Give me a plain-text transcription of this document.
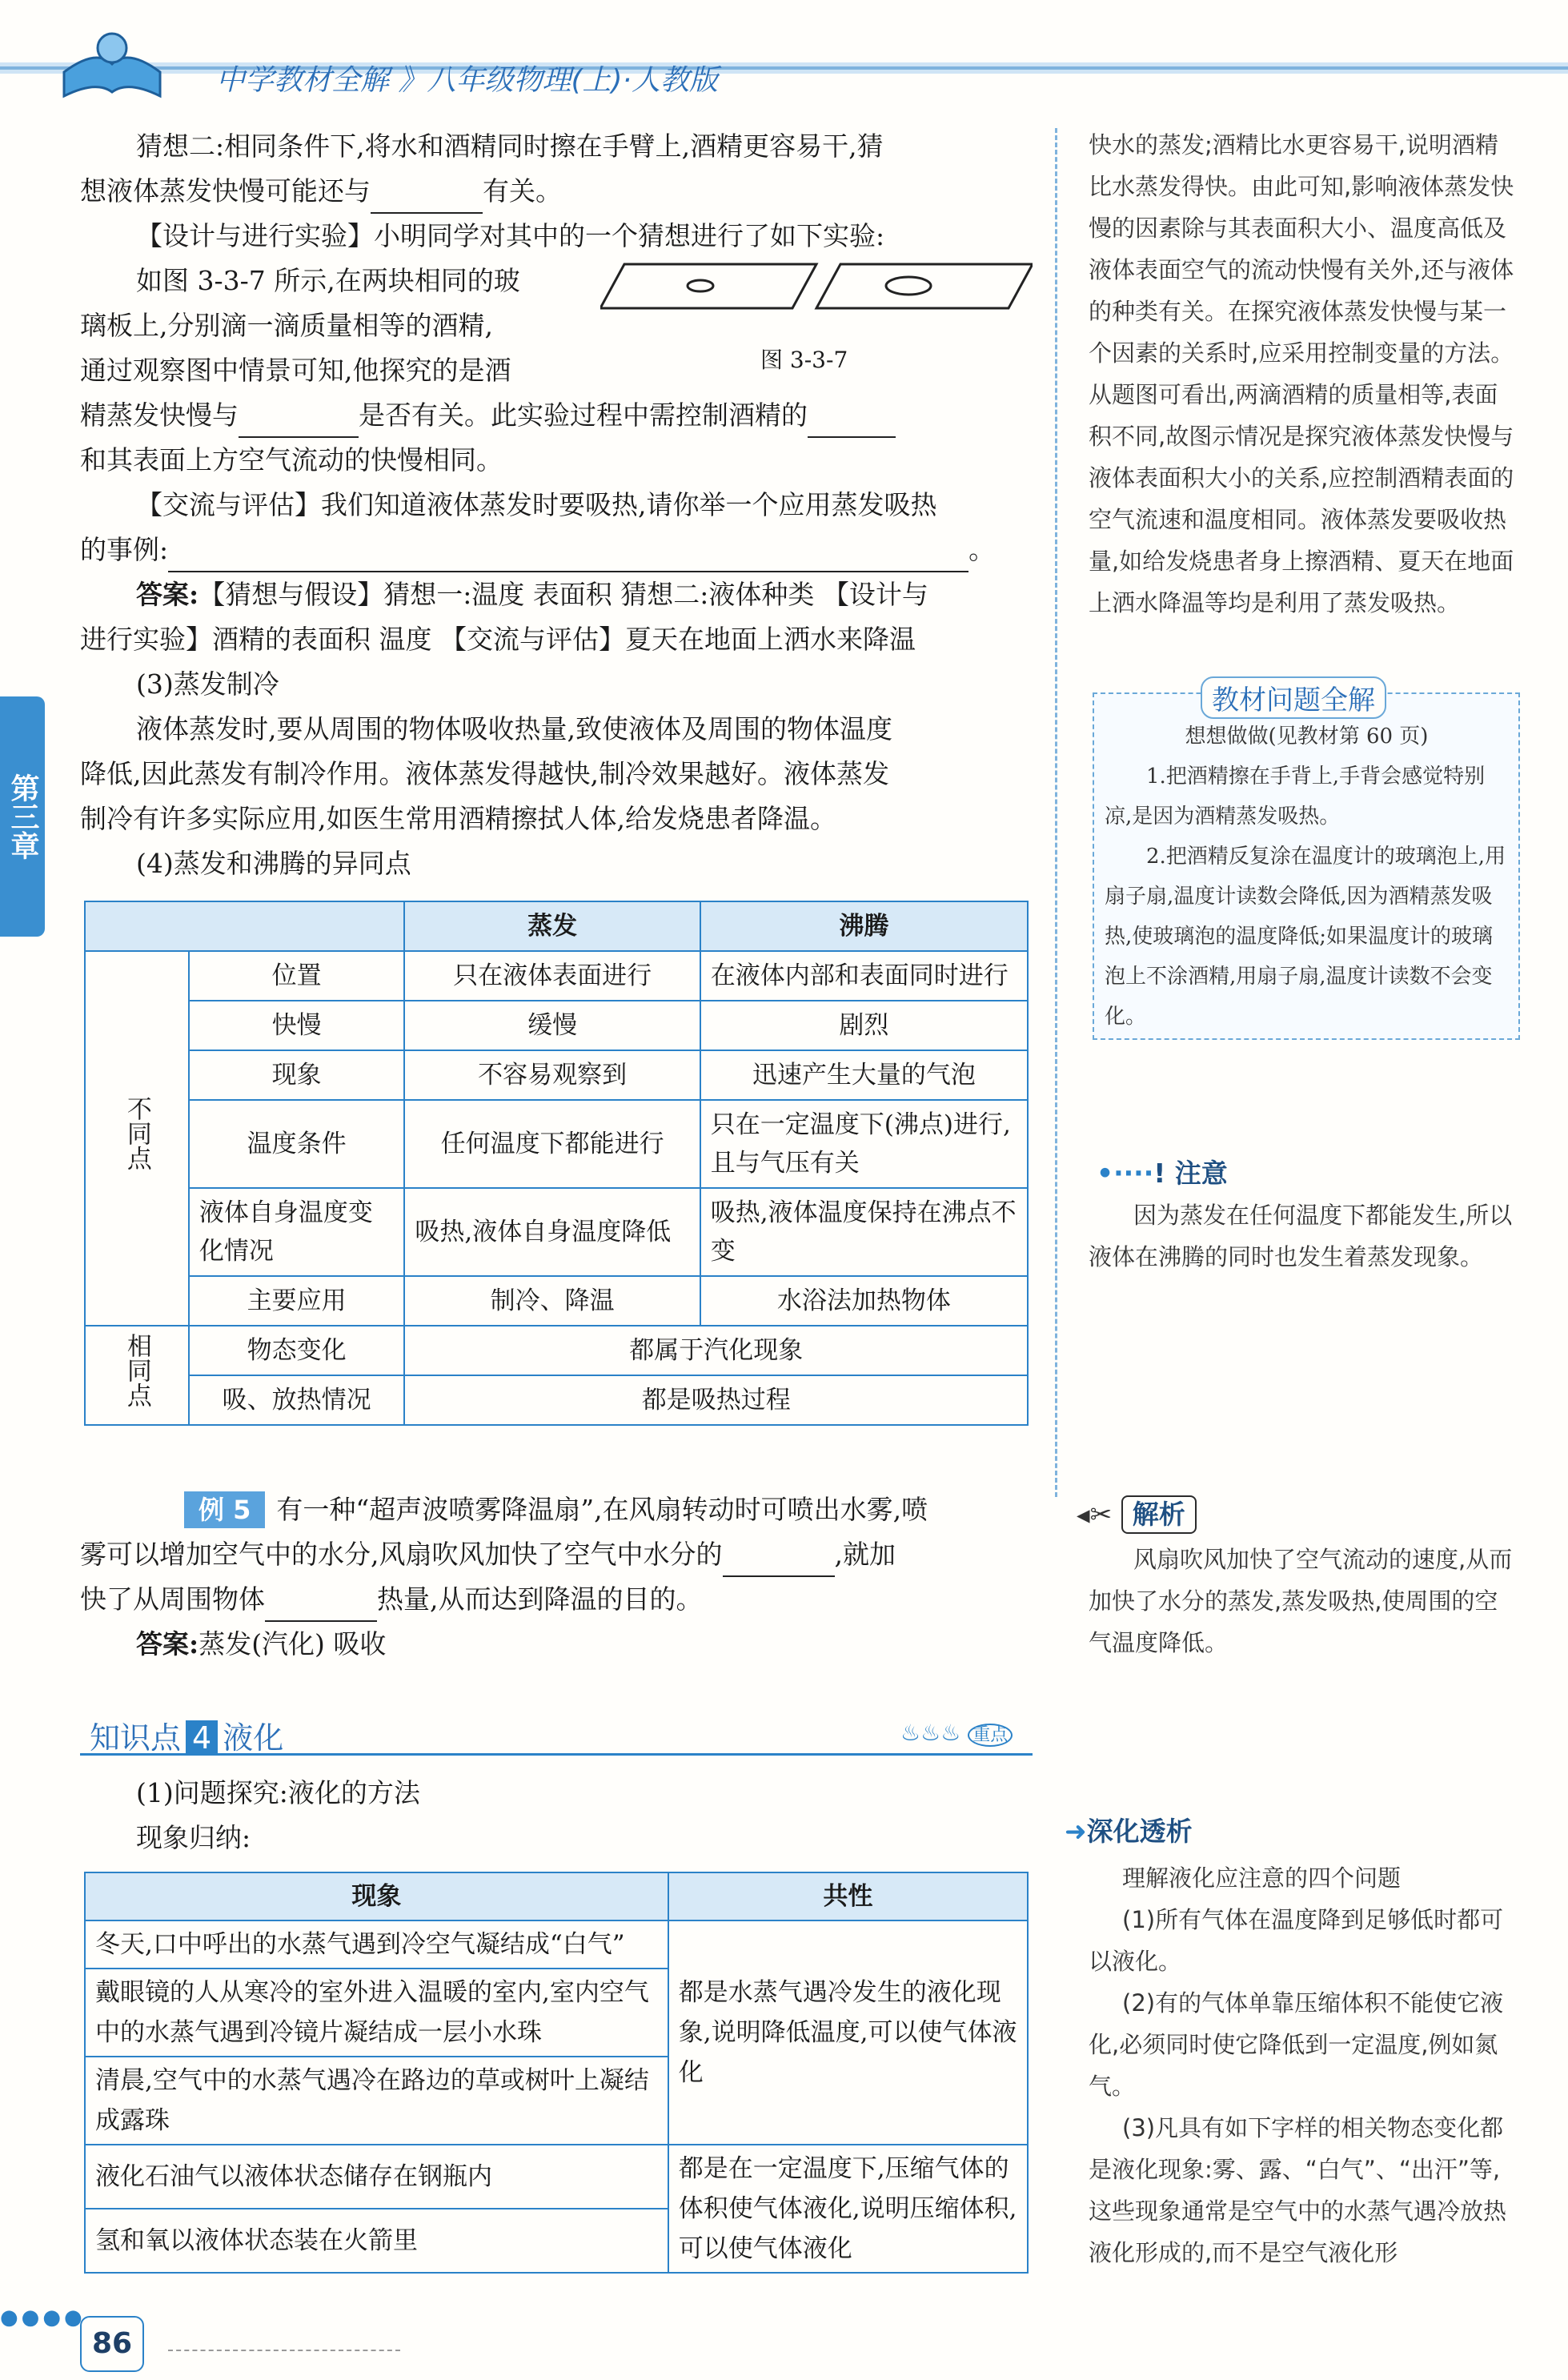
中学教材全解 》八年级物理(上)·人教版
第三章

猜想二:相同条件下,将水和酒精同时擦在手臂上,酒精更容易干,猜

想液体蒸发快慢可能还与	有关。

【设计与进行实验】小明同学对其中的一个猜想进行了如下实验:

如图 3-3-7 所示,在两块相同的玻

璃板上,分别滴一滴质量相等的酒精,

通过观察图中情景可知,他探究的是酒

精蒸发快慢与	是否有关。此实验过程中需控制酒精的

和其表面上方空气流动的快慢相同。

【交流与评估】我们知道液体蒸发时要吸热,请你举一个应用蒸发吸热

的事例:	。

答案:【猜想与假设】猜想一:温度 表面积 猜想二:液体种类 【设计与

进行实验】酒精的表面积 温度 【交流与评估】夏天在地面上洒水来降温

(3)蒸发制冷

液体蒸发时,要从周围的物体吸收热量,致使液体及周围的物体温度

降低,因此蒸发有制冷作用。液体蒸发得越快,制冷效果越好。液体蒸发

制冷有许多实际应用,如医生常用酒精擦拭人体,给发烧患者降温。

(4)蒸发和沸腾的异同点

图 3-3-7
		蒸发	沸腾
不同点	位置	只在液体表面进行	在液体内部和表面同时进行
	快慢	缓慢	剧烈
	现象	不容易观察到	迅速产生大量的气泡
	温度条件	任何温度下都能进行	只在一定温度下(沸点)进行,且与气压有关
	液体自身温度变化情况	吸热,液体自身温度降低	吸热,液体温度保持在沸点不变
	主要应用	制冷、降温	水浴法加热物体
相同点	物态变化	都属于汽化现象	
	吸、放热情况	都是吸热过程	

例 5 有一种“超声波喷雾降温扇”,在风扇转动时可喷出水雾,喷

雾可以增加空气中的水分,风扇吹风加快了空气中水分的	,就加

快了从周围物体	热量,从而达到降温的目的。

答案:蒸发(汽化) 吸收

知识点 4 液化	♨♨♨ 重点

(1)问题探究:液化的方法

现象归纳:

现象	共性
冬天,口中呼出的水蒸气遇到冷空气凝结成“白气”	都是水蒸气遇冷发生的液化现象,说明降低温度,可以使气体液化
戴眼镜的人从寒冷的室外进入温暖的室内,室内空气中的水蒸气遇到冷镜片凝结成一层小水珠	
清晨,空气中的水蒸气遇冷在路边的草或树叶上凝结成露珠	
液化石油气以液体状态储存在钢瓶内	都是在一定温度下,压缩气体的体积使气体液化,说明压缩体积,可以使气体液化
氢和氧以液体状态装在火箭里	
快水的蒸发;酒精比水更容易干,说明酒精比水蒸发得快。由此可知,影响液体蒸发快慢的因素除与其表面积大小、温度高低及液体表面空气的流动快慢有关外,还与液体的种类有关。在探究液体蒸发快慢与某一个因素的关系时,应采用控制变量的方法。从题图可看出,两滴酒精的质量相等,表面积不同,故图示情况是探究液体蒸发快慢与液体表面积大小的关系,应控制酒精表面的空气流速和温度相同。液体蒸发要吸收热量,如给发烧患者身上擦酒精、夏天在地面上洒水降温等均是利用了蒸发吸热。
教材问题全解
想想做做(见教材第 60 页)
1.把酒精擦在手背上,手背会感觉特别凉,是因为酒精蒸发吸热。
2.把酒精反复涂在温度计的玻璃泡上,用扇子扇,温度计读数会降低,因为酒精蒸发吸热,使玻璃泡的温度降低;如果温度计的玻璃泡上不涂酒精,用扇子扇,温度计读数不会变化。
•····! 注意
因为蒸发在任何温度下都能发生,所以液体在沸腾的同时也发生着蒸发现象。
◂✂ 解析
风扇吹风加快了空气流动的速度,从而加快了水分的蒸发,蒸发吸热,使周围的空气温度降低。
➜深化透析
理解液化应注意的四个问题
(1)所有气体在温度降到足够低时都可以液化。
(2)有的气体单靠压缩体积不能使它液化,必须同时使它降低到一定温度,例如氮气。
(3)凡具有如下字样的相关物态变化都是液化现象:雾、露、“白气”、“出汗”等,这些现象通常是空气中的水蒸气遇冷放热液化形成的,而不是空气液化形
●●●●
86
